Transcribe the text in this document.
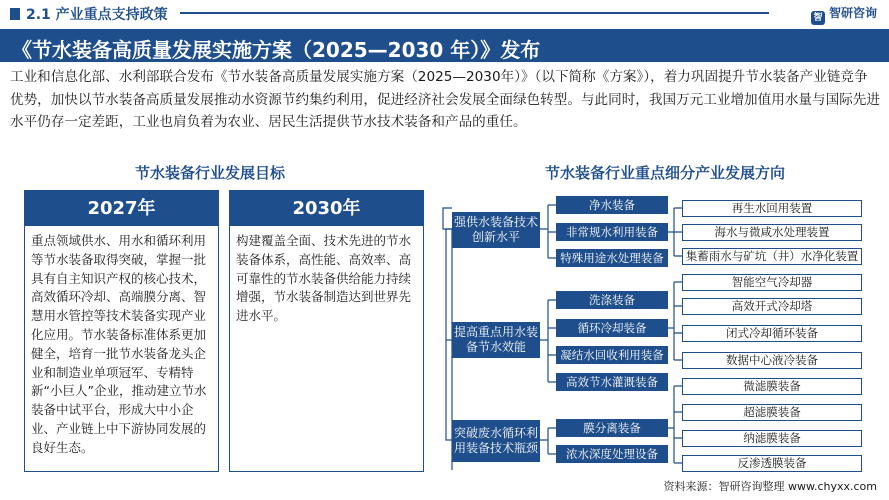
2.1 产业重点支持政策	智 智研咨询
《节水装备高质量发展实施方案（2025—2030 年）》发布
工业和信息化部、水利部联合发布《节水装备高质量发展实施方案（2025—2030年）》（以下简称《方案》），着力巩固提升节水装备产业链竞争优势，加快以节水装备高质量发展推动水资源节约集约利用，促进经济社会发展全面绿色转型。与此同时，我国万元工业增加值用水量与国际先进水平仍存一定差距，工业也肩负着为农业、居民生活提供节水技术装备和产品的重任。
节水装备行业发展目标	节水装备行业重点细分产业发展方向
2027年
重点领域供水、用水和循环利用等节水装备取得突破，掌握一批具有自主知识产权的核心技术，高效循环冷却、高端膜分离、智慧用水管控等技术装备实现产业化应用。节水装备标准体系更加健全，培育一批节水装备龙头企业和制造业单项冠军、专精特新“小巨人”企业，推动建立节水装备中试平台，形成大中小企业、产业链上中下游协同发展的良好生态。
2030年
构建覆盖全面、技术先进的节水装备体系，高性能、高效率、高可靠性的节水装备供给能力持续增强，节水装备制造达到世界先进水平。
强供水装备技术创新水平
提高重点用水装备节水效能
突破废水循环利用装备技术瓶颈
净水装备
非常规水利用装备
特殊用途水处理装备
洗涤装备
循环冷却装备
凝结水回收利用装备
高效节水灌溉装备
膜分离装备
浓水深度处理设备
再生水回用装置
海水与微咸水处理装置
集蓄雨水与矿坑（井）水净化装置
智能空气冷却器
高效开式冷却塔
闭式冷却循环装备
数据中心液冷装备
微滤膜装备
超滤膜装备
纳滤膜装备
反渗透膜装备
资料来源：智研咨询整理 www.chyxx.com
